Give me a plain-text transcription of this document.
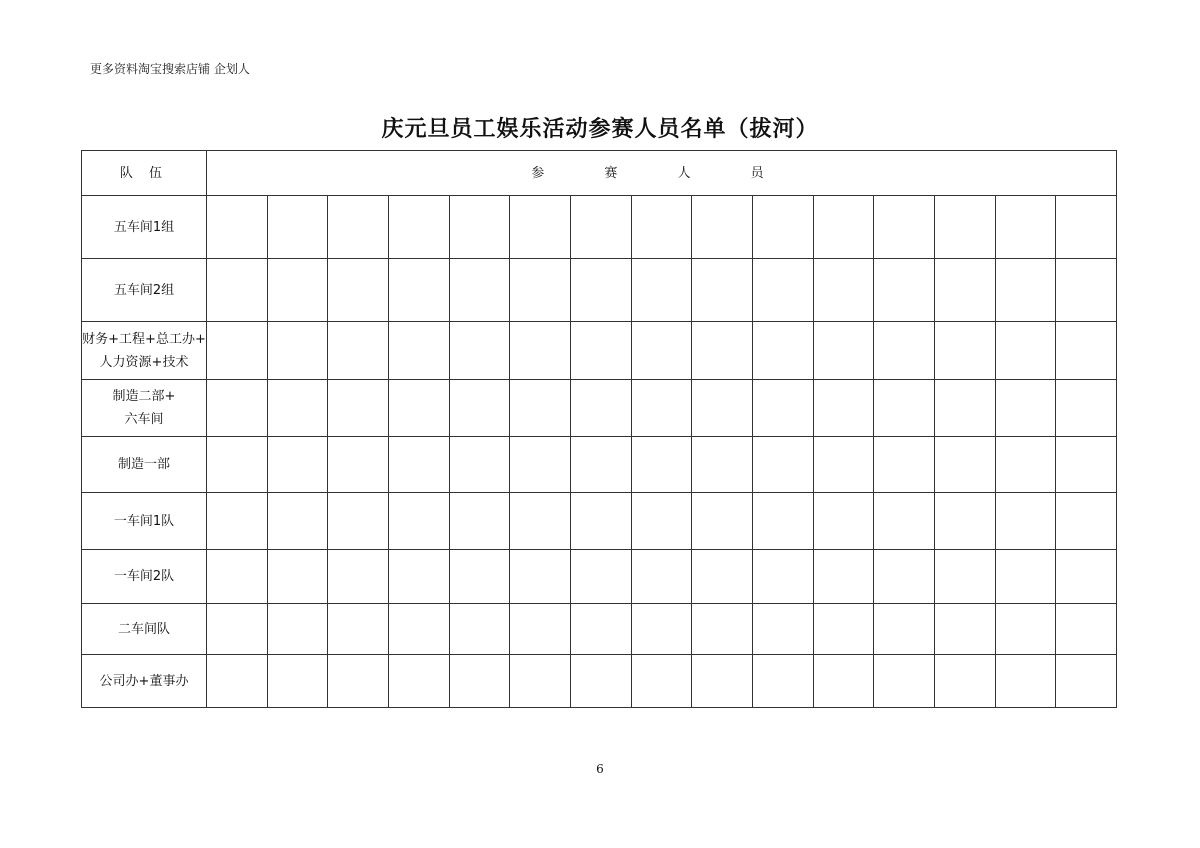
更多资料淘宝搜索店铺 企划人
庆元旦员工娱乐活动参赛人员名单（拔河）
队 伍	参 赛 人 员														

五车间1组															

五车间2组															

财务+工程+总工办+
人力资源+技术															

制造二部+
六车间															

制造一部															

一车间1队															

一车间2队															

二车间队															

公司办+董事办															

6
